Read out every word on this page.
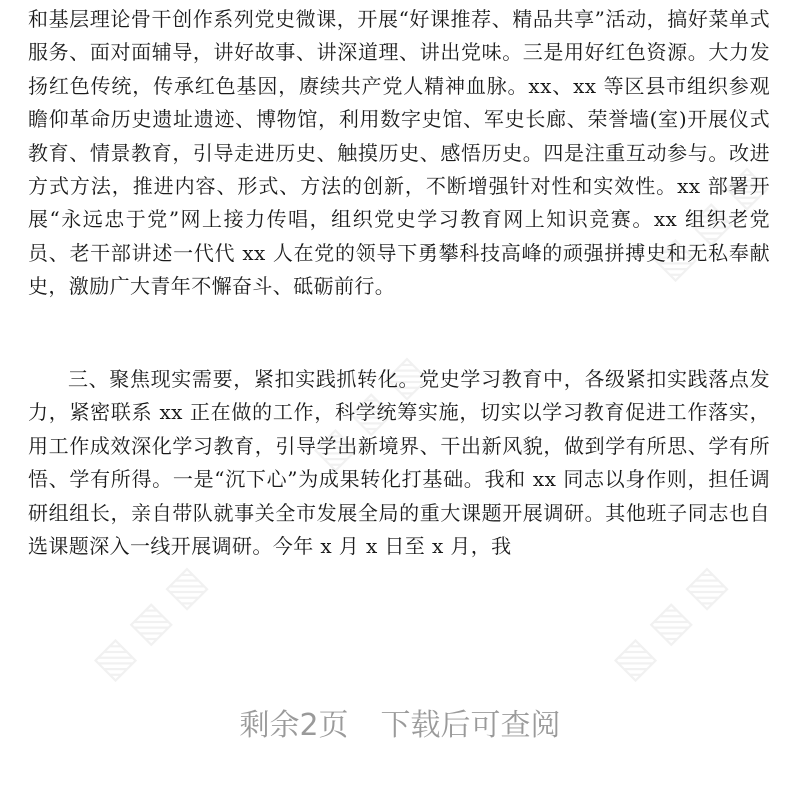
▧ ▧ ▧	▧ ▧ ▧
▧ ▧ ▧
▧ ▧ ▧

和基层理论骨干创作系列党史微课，开展“好课推荐、精品共享”活动，搞好菜单式服务、面对面辅导，讲好故事、讲深道理、讲出党味。三是用好红色资源。大力发扬红色传统，传承红色基因，赓续共产党人精神血脉。xx、xx 等区县市组织参观瞻仰革命历史遗址遗迹、博物馆，利用数字史馆、军史长廊、荣誉墙(室)开展仪式教育、情景教育，引导走进历史、触摸历史、感悟历史。四是注重互动参与。改进方式方法，推进内容、形式、方法的创新，不断增强针对性和实效性。xx 部署开展“永远忠于党”网上接力传唱，组织党史学习教育网上知识竞赛。xx 组织老党员、老干部讲述一代代 xx 人在党的领导下勇攀科技高峰的顽强拼搏史和无私奉献史，激励广大青年不懈奋斗、砥砺前行。

三、聚焦现实需要，紧扣实践抓转化。党史学习教育中，各级紧扣实践落点发力，紧密联系 xx 正在做的工作，科学统筹实施，切实以学习教育促进工作落实，用工作成效深化学习教育，引导学出新境界、干出新风貌，做到学有所思、学有所悟、学有所得。一是“沉下心”为成果转化打基础。我和 xx 同志以身作则，担任调研组组长，亲自带队就事关全市发展全局的重大课题开展调研。其他班子同志也自选课题深入一线开展调研。今年 x 月 x 日至 x 月，我

剩余2页 下载后可查阅
